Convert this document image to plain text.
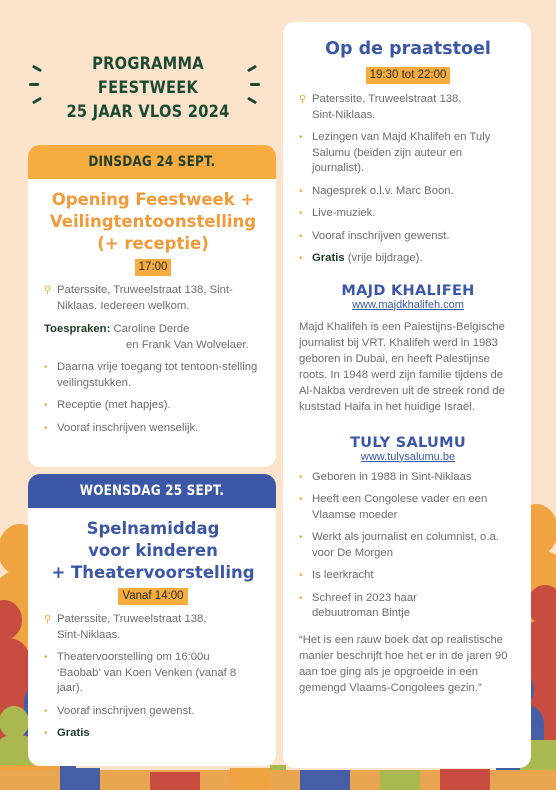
PROGRAMMA FEESTWEEK
25 JAAR VLOS 2024
DINSDAG 24 SEPT.
Opening Feestweek +
Veilingtentoonstelling
(+ receptie)
17:00
⚲ Paterssite, Truweelstraat 138, Sint-Niklaas. Iedereen welkom.
Toespraken: Caroline Derde
en Frank Van Wolvelaer.
• Daarna vrije toegang tot tentoon-stelling veilingstukken.
• Receptie (met hapjes).
• Vooraf inschrijven wenselijk.
WOENSDAG 25 SEPT.
Spelnamiddag
voor kinderen
+ Theatervoorstelling
Vanaf 14:00
⚲ Paterssite, Truweelstraat 138, Sint-Niklaas.
• Theatervoorstelling om 16:00u ‘Baobab’ van Koen Venken (vanaf 8 jaar).
• Vooraf inschrijven gewenst.
• Gratis
Op de praatstoel
19:30 tot 22:00
⚲ Paterssite, Truweelstraat 138, Sint-Niklaas.
• Lezingen van Majd Khalifeh en Tuly Salumu (beiden zijn auteur en journalist).
• Nagesprek o.l.v. Marc Boon.
• Live-muziek.
• Vooraf inschrijven gewenst.
• Gratis (vrije bijdrage).
MAJD KHALIFEH
www.majdkhalifeh.com
Majd Khalifeh is een Palestijns-Belgische journalist bij VRT. Khalifeh werd in 1983 geboren in Dubai, en heeft Palestijnse roots. In 1948 werd zijn familie tijdens de Al-Nakba verdreven uit de streek rond de kuststad Haifa in het huidige Israël.
TULY SALUMU
www.tulysalumu.be
• Geboren in 1988 in Sint-Niklaas
• Heeft een Congolese vader en een Vlaamse moeder
• Werkt als journalist en columnist, o.a. voor De Morgen
• Is leerkracht
• Schreef in 2023 haar debuutroman Bintje
“Het is een rauw boek dat op realistische manier beschrijft hoe het er in de jaren 90 aan toe ging als je opgroeide in een gemengd Vlaams-Congolees gezin.”
